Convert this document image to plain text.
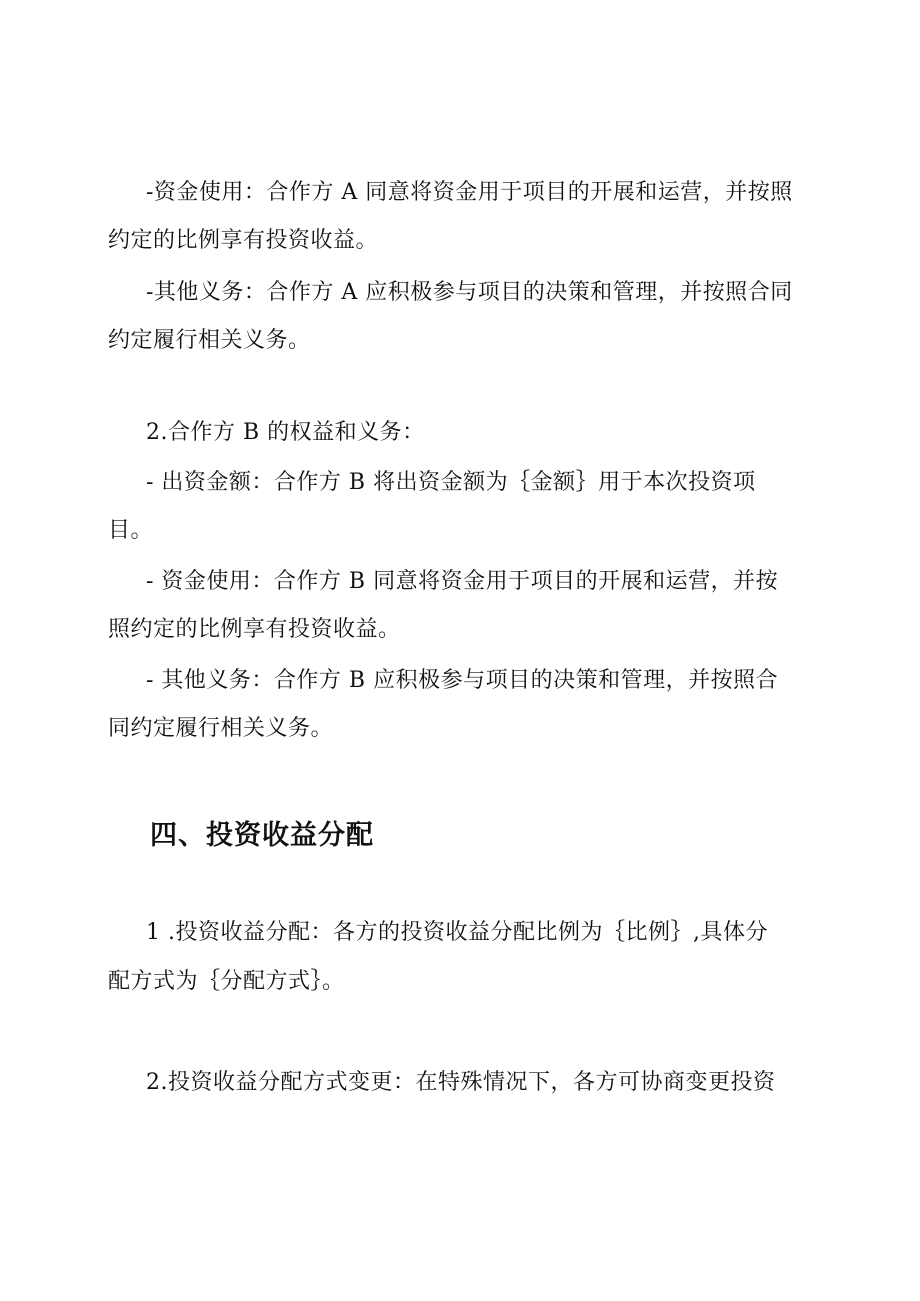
-资金使用：合作方 A 同意将资金用于项目的开展和运营，并按照
约定的比例享有投资收益。
-其他义务：合作方 A 应积极参与项目的决策和管理，并按照合同
约定履行相关义务。
2.合作方 B 的权益和义务：
- 出资金额：合作方 B 将出资金额为｛金额｝用于本次投资项
目。
- 资金使用：合作方 B 同意将资金用于项目的开展和运营，并按
照约定的比例享有投资收益。
- 其他义务：合作方 B 应积极参与项目的决策和管理，并按照合
同约定履行相关义务。
四、投资收益分配
1 .投资收益分配：各方的投资收益分配比例为｛比例｝,具体分
配方式为｛分配方式｝。
2.投资收益分配方式变更：在特殊情况下，各方可协商变更投资
